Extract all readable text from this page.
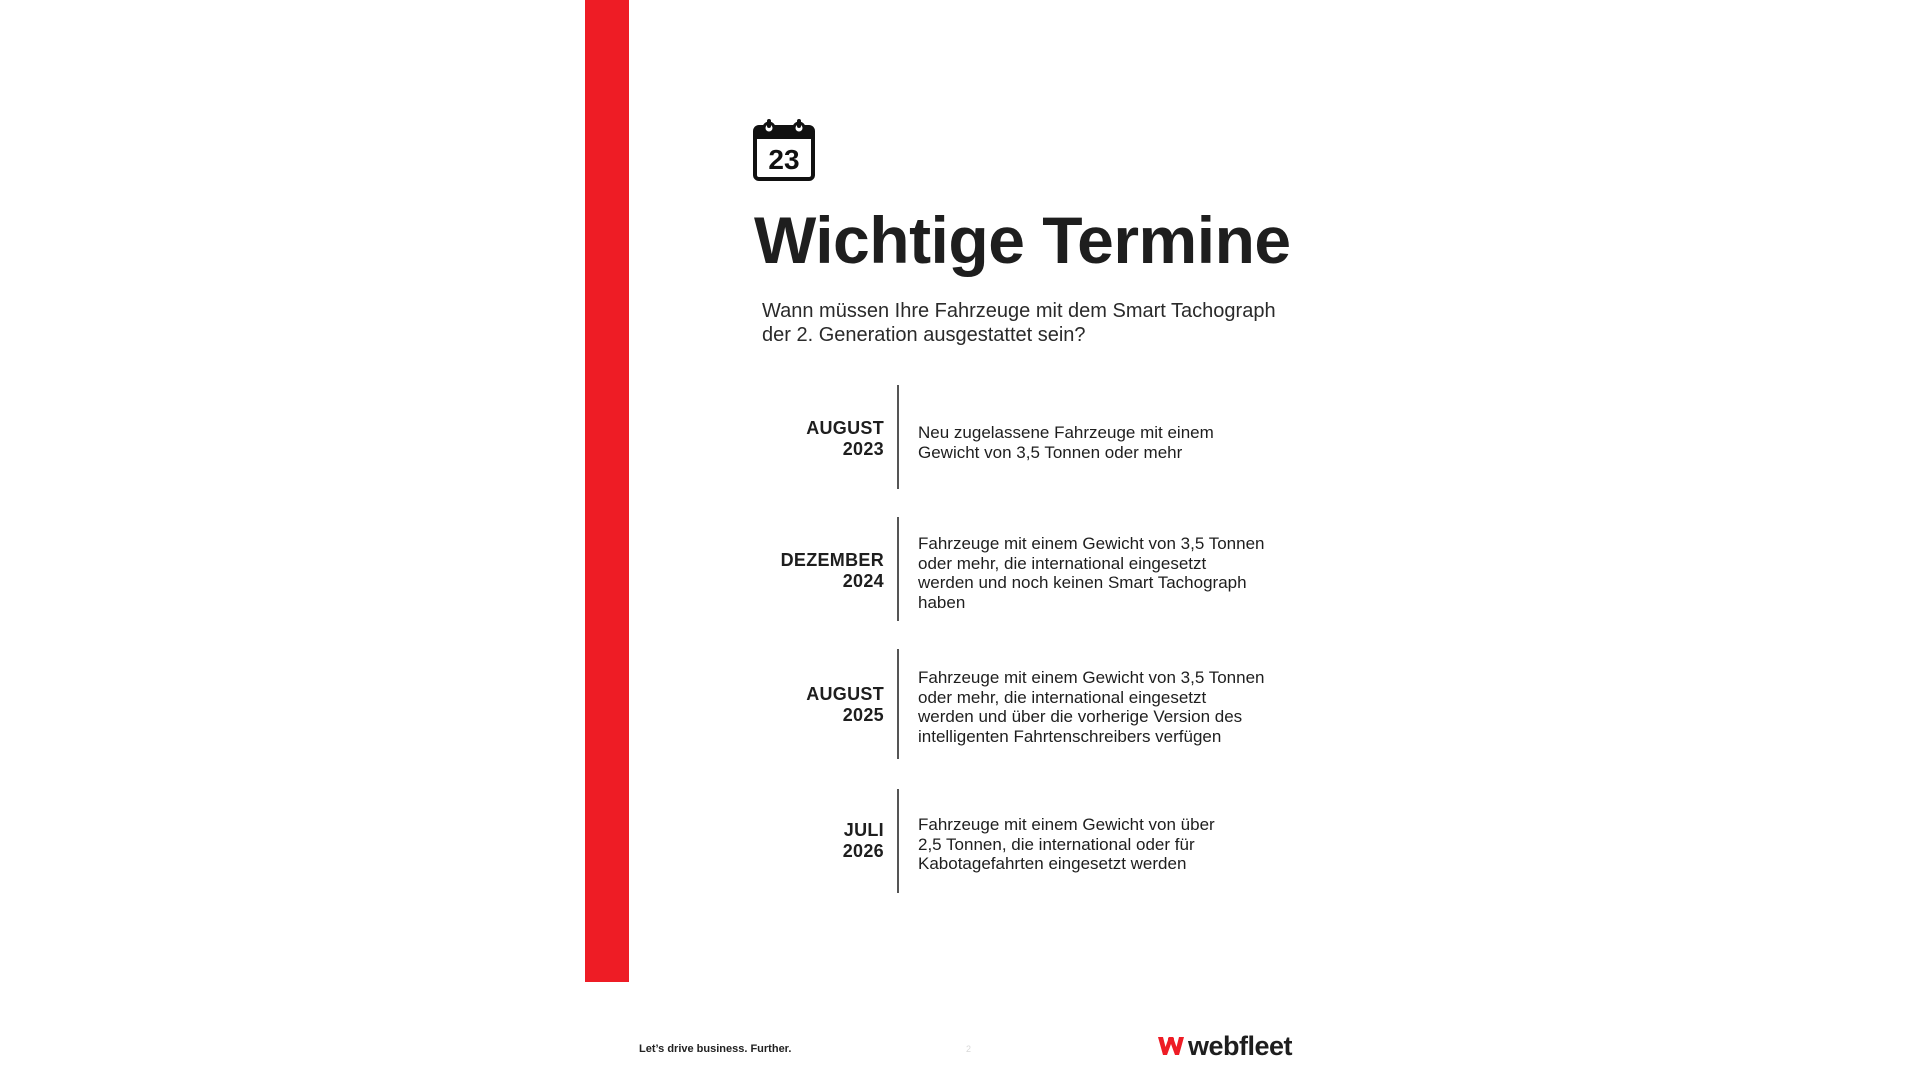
23
Wichtige Termine
Wann müssen Ihre Fahrzeuge mit dem Smart Tachograph
der 2. Generation ausgestattet sein?
AUGUST
2023
Neu zugelassene Fahrzeuge mit einem
Gewicht von 3,5 Tonnen oder mehr
DEZEMBER
2024
Fahrzeuge mit einem Gewicht von 3,5 Tonnen
oder mehr, die international eingesetzt
werden und noch keinen Smart Tachograph
haben
AUGUST
2025
Fahrzeuge mit einem Gewicht von 3,5 Tonnen
oder mehr, die international eingesetzt
werden und über die vorherige Version des
intelligenten Fahrtenschreibers verfügen
JULI
2026
Fahrzeuge mit einem Gewicht von über
2,5 Tonnen, die international oder für
Kabotagefahrten eingesetzt werden
Let’s drive business. Further.	2	webfleet
